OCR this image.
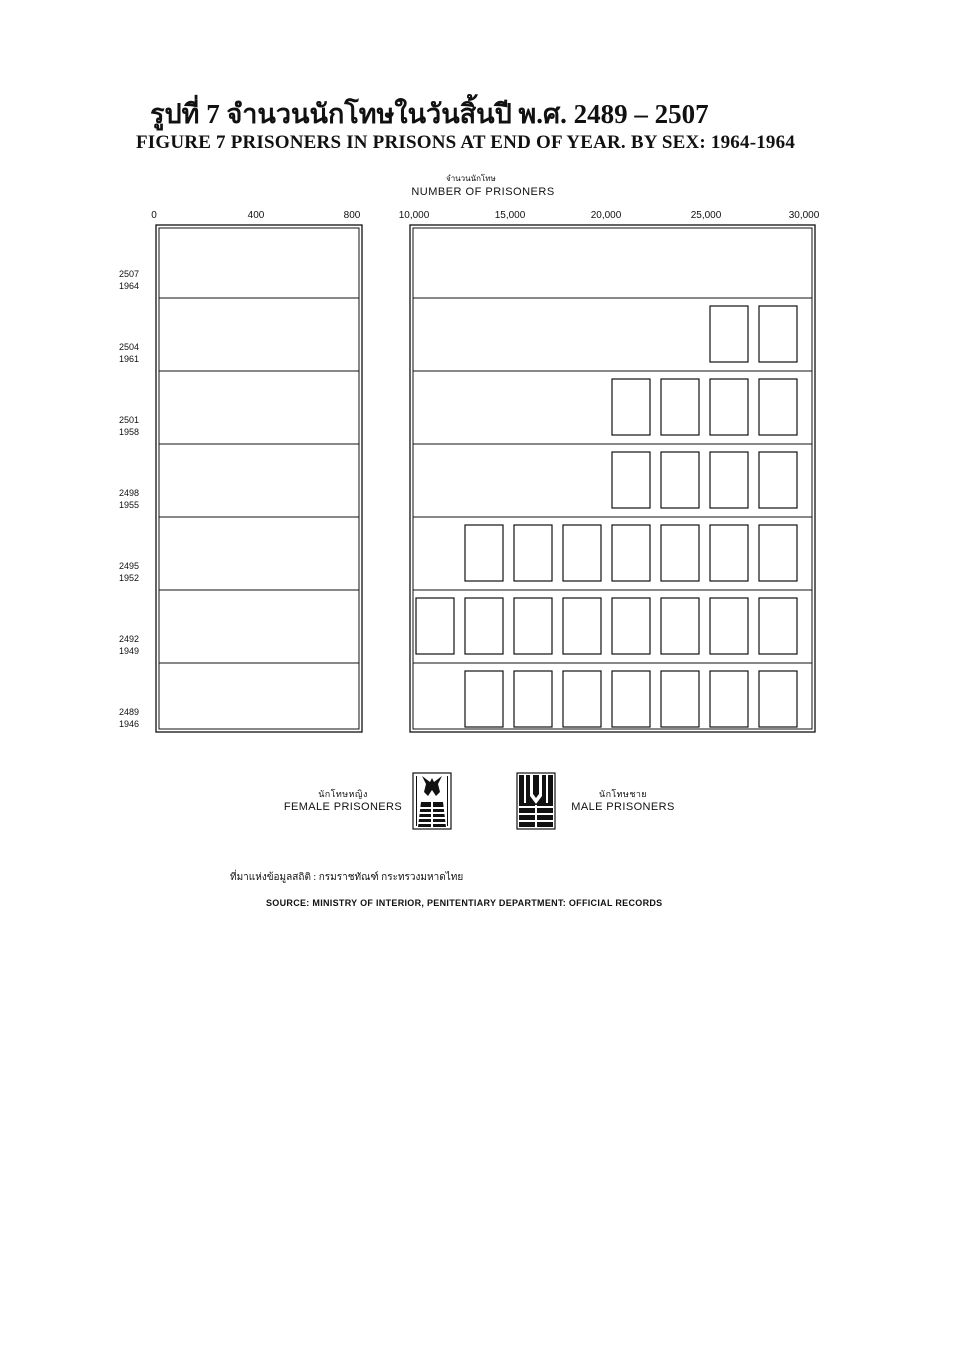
รูปที่ 7 จำนวนนักโทษในวันสิ้นปี พ.ศ. 2489 – 2507
FIGURE 7 PRISONERS IN PRISONS AT END OF YEAR. BY SEX: 1964-1964
จำนวนนักโทษ
NUMBER OF PRISONERS
0	400	800	10,000	15,000	20,000	25,000	30,000
2507
1964
2504
1961
2501
1958
2498
1955
2495
1952
2492
1949
2489
1946
นักโทษหญิง
FEMALE PRISONERS
นักโทษชาย
MALE PRISONERS
ที่มาแห่งข้อมูลสถิติ : กรมราชทัณฑ์ กระทรวงมหาดไทย
SOURCE: MINISTRY OF INTERIOR, PENITENTIARY DEPARTMENT: OFFICIAL RECORDS
